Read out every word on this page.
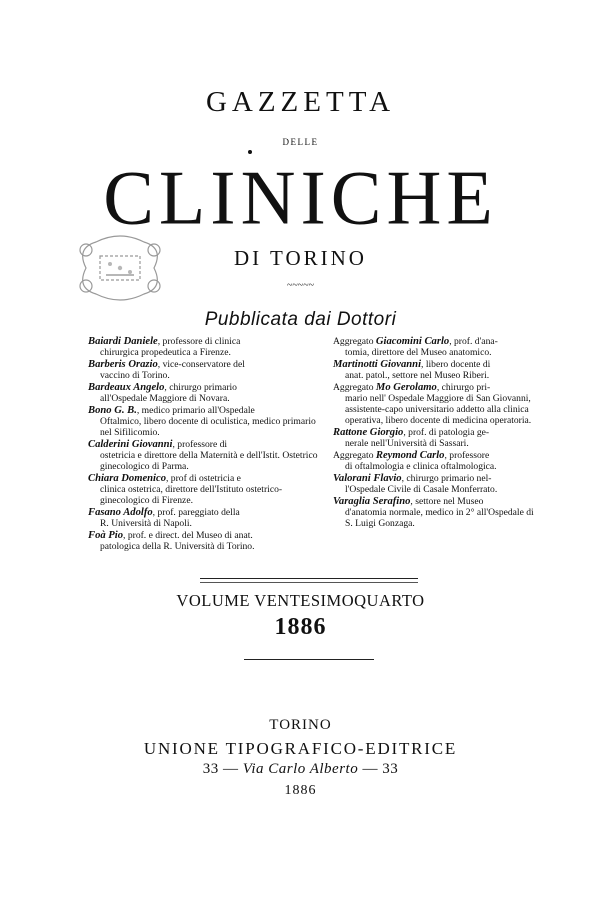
GAZZETTA
DELLE
CLINICHE
DI TORINO
~~~~~
Pubblicata dai Dottori
Baiardi Daniele, professore di clinica
chirurgica propedeutica a Firenze.
Barberis Orazio, vice-conservatore del
vaccino di Torino.
Bardeaux Angelo, chirurgo primario
all'Ospedale Maggiore di Novara.
Bono G. B., medico primario all'Ospedale
Oftalmico, libero docente di oculistica, medico primario nel Sifilicomio.
Calderini Giovanni, professore di
ostetricia e direttore della Maternità e dell'Istit. Ostetrico ginecologico di Parma.
Chiara Domenico, prof di ostetricia e
clinica ostetrica, direttore dell'Istituto ostetrico-ginecologico di Firenze.
Fasano Adolfo, prof. pareggiato della
R. Università di Napoli.
Foà Pio, prof. e direct. del Museo di anat.
patologica della R. Università di Torino.
Aggregato Giacomini Carlo, prof. d'ana-
tomia, direttore del Museo anatomico.
Martinotti Giovanni, libero docente di
anat. patol., settore nel Museo Riberi.
Aggregato Mo Gerolamo, chirurgo pri-
mario nell' Ospedale Maggiore di San Giovanni, assistente-capo universitario addetto alla clinica operativa, libero docente di medicina operatoria.
Rattone Giorgio, prof. di patologia ge-
nerale nell'Università di Sassari.
Aggregato Reymond Carlo, professore
di oftalmologia e clinica oftalmologica.
Valorani Flavio, chirurgo primario nel-
l'Ospedale Civile di Casale Monferrato.
Varaglia Serafino, settore nel Museo
d'anatomia normale, medico in 2° all'Ospedale di S. Luigi Gonzaga.
VOLUME VENTESIMOQUARTO
1886
TORINO
UNIONE TIPOGRAFICO-EDITRICE
33 — Via Carlo Alberto — 33
1886
